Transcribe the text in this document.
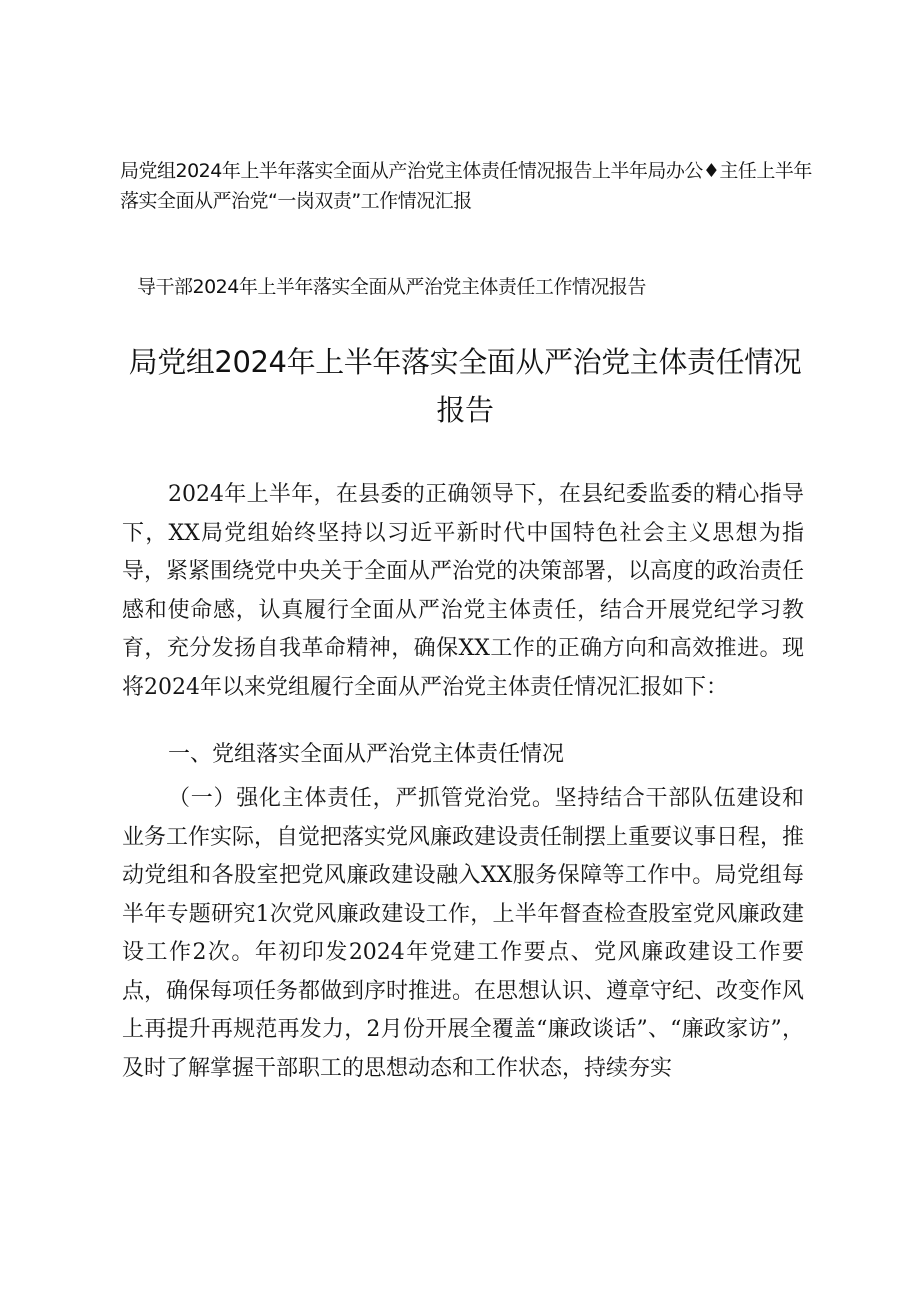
局党组2024年上半年落实全面从产治党主体责任情况报告上半年局办公♦主任上半年
落实全面从严治党“一岗双责”工作情况汇报
导干部2024年上半年落实全面从严治党主体责任工作情况报告
局党组2024年上半年落实全面从严治党主体责任情况报告

2024年上半年，在县委的正确领导下，在县纪委监委的精心指导下，XX局党组始终坚持以习近平新时代中国特色社会主义思想为指导，紧紧围绕党中央关于全面从严治党的决策部署，以高度的政治责任感和使命感，认真履行全面从严治党主体责任，结合开展党纪学习教育，充分发扬自我革命精神，确保XX工作的正确方向和高效推进。现将2024年以来党组履行全面从严治党主体责任情况汇报如下：

一、党组落实全面从严治党主体责任情况

（一）强化主体责任，严抓管党治党。坚持结合干部队伍建设和业务工作实际，自觉把落实党风廉政建设责任制摆上重要议事日程，推动党组和各股室把党风廉政建设融入XX服务保障等工作中。局党组每半年专题研究1次党风廉政建设工作，上半年督查检查股室党风廉政建设工作2次。年初印发2024年党建工作要点、党风廉政建设工作要点，确保每项任务都做到序时推进。在思想认识、遵章守纪、改变作风上再提升再规范再发力，2月份开展全覆盖“廉政谈话”、“廉政家访”，及时了解掌握干部职工的思想动态和工作状态，持续夯实
